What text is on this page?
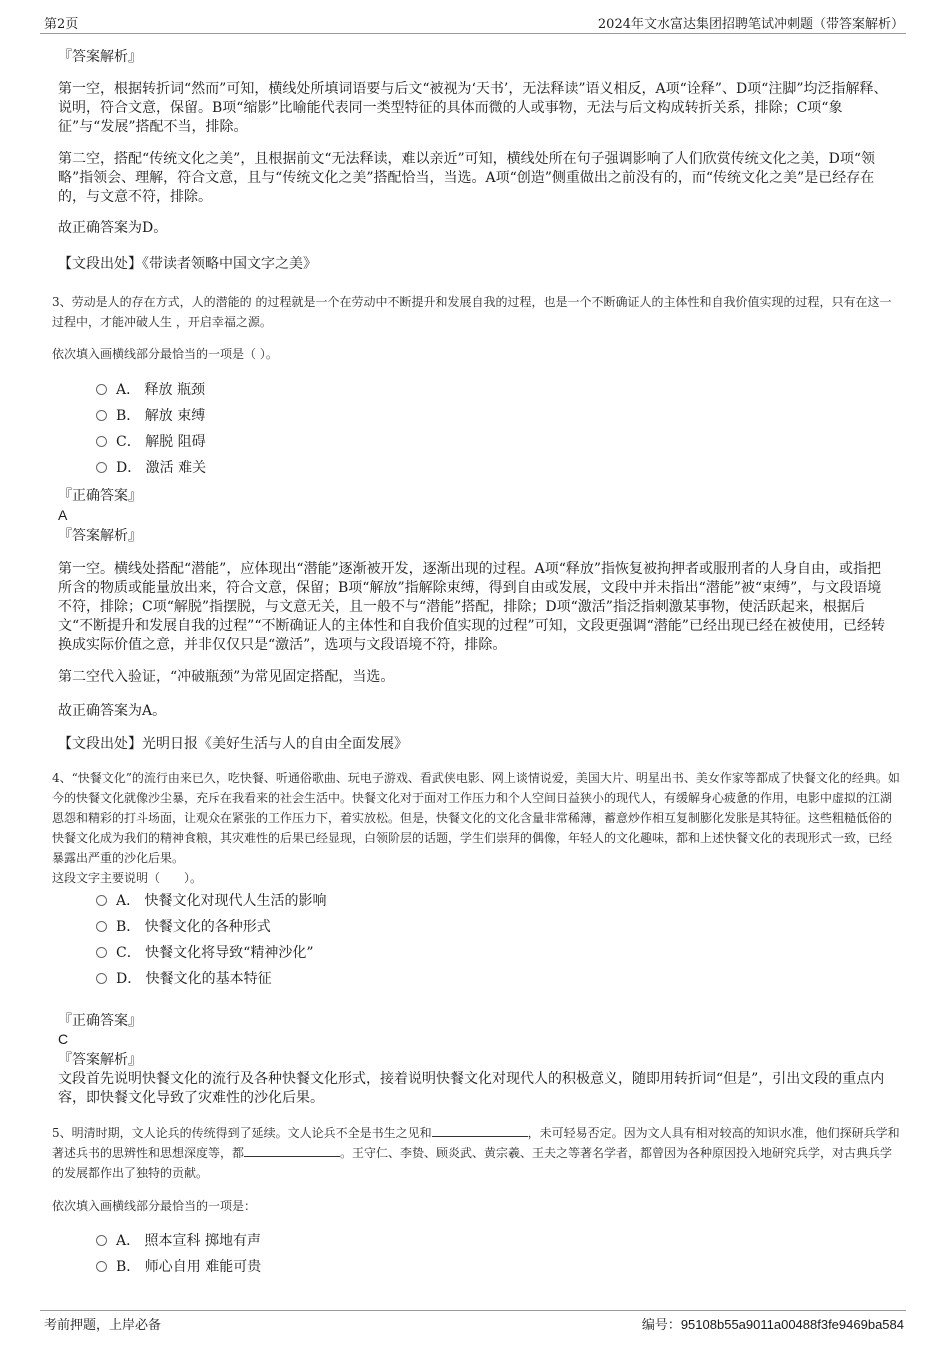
第2页	2024年文水富达集团招聘笔试冲刺题（带答案解析）

『答案解析』

第一空，根据转折词“然而”可知，横线处所填词语要与后文“被视为‘天书’，无法释读”语义相反，A项“诠释”、D项“注脚”均泛指解释、说明，符合文意，保留。B项“缩影”比喻能代表同一类型特征的具体而微的人或事物，无法与后文构成转折关系，排除；C项“象征”与“发展”搭配不当，排除。

第二空，搭配“传统文化之美”，且根据前文“无法释读，难以亲近”可知，横线处所在句子强调影响了人们欣赏传统文化之美，D项“领略”指领会、理解，符合文意，且与“传统文化之美”搭配恰当，当选。A项“创造”侧重做出之前没有的，而“传统文化之美”是已经存在的，与文意不符，排除。

故正确答案为D。

【文段出处】《带读者领略中国文字之美》

3、劳动是人的存在方式，人的潜能的 的过程就是一个在劳动中不断提升和发展自我的过程，也是一个不断确证人的主体性和自我价值实现的过程，只有在这一过程中，才能冲破人生 ，开启幸福之源。

依次填入画横线部分最恰当的一项是（ ）。

A． 释放 瓶颈
B． 解放 束缚
C． 解脱 阻碍
D． 激活 难关

『正确答案』

A

『答案解析』

第一空。横线处搭配“潜能”，应体现出“潜能”逐渐被开发，逐渐出现的过程。A项“释放”指恢复被拘押者或服刑者的人身自由，或指把所含的物质或能量放出来，符合文意，保留；B项“解放”指解除束缚，得到自由或发展，文段中并未指出“潜能”被“束缚”，与文段语境不符，排除；C项“解脱”指摆脱，与文意无关，且一般不与“潜能”搭配，排除；D项“激活”指泛指刺激某事物，使活跃起来，根据后文“不断提升和发展自我的过程”“不断确证人的主体性和自我价值实现的过程”可知，文段更强调“潜能”已经出现已经在被使用，已经转换成实际价值之意，并非仅仅只是“激活”，选项与文段语境不符，排除。

第二空代入验证，“冲破瓶颈”为常见固定搭配，当选。

故正确答案为A。

【文段出处】光明日报《美好生活与人的自由全面发展》

4、“快餐文化”的流行由来已久，吃快餐、听通俗歌曲、玩电子游戏、看武侠电影、网上谈情说爱，美国大片、明星出书、美女作家等都成了快餐文化的经典。如今的快餐文化就像沙尘暴，充斥在我看来的社会生活中。快餐文化对于面对工作压力和个人空间日益狭小的现代人，有缓解身心疲惫的作用，电影中虚拟的江湖恩怨和精彩的打斗场面，让观众在紧张的工作压力下，着实放松。但是，快餐文化的文化含量非常稀薄，蓄意炒作相互复制膨化发胀是其特征。这些粗糙低俗的快餐文化成为我们的精神食粮，其灾难性的后果已经显现，白领阶层的话题，学生们崇拜的偶像，年轻人的文化趣味，都和上述快餐文化的表现形式一致，已经暴露出严重的沙化后果。

这段文字主要说明（　　）。

A． 快餐文化对现代人生活的影响
B． 快餐文化的各种形式
C． 快餐文化将导致“精神沙化”
D． 快餐文化的基本特征

『正确答案』

C

『答案解析』

文段首先说明快餐文化的流行及各种快餐文化形式，接着说明快餐文化对现代人的积极意义，随即用转折词“但是”，引出文段的重点内容，即快餐文化导致了灾难性的沙化后果。

5、明清时期，文人论兵的传统得到了延续。文人论兵不全是书生之见和	，未可轻易否定。因为文人具有相对较高的知识水准，他们探研兵学和著述兵书的思辨性和思想深度等，都	。王守仁、李贽、顾炎武、黄宗羲、王夫之等著名学者，都曾因为各种原因投入地研究兵学，对古典兵学的发展都作出了独特的贡献。

依次填入画横线部分最恰当的一项是：

A． 照本宣科 掷地有声
B． 师心自用 难能可贵
考前押题，上岸必备	编号：95108b55a9011a00488f3fe9469ba584
